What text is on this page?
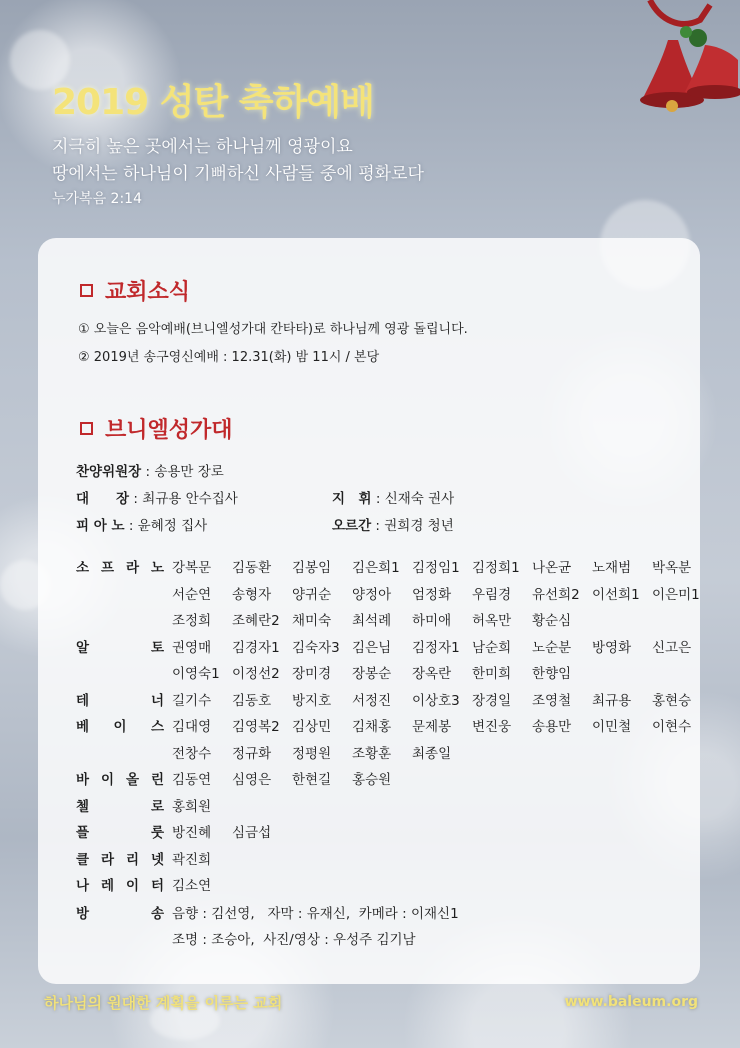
2019 성탄 축하예배
지극히 높은 곳에서는 하나님께 영광이요
땅에서는 하나님이 기뻐하신 사람들 중에 평화로다
누가복음 2:14
교회소식
① 오늘은 음악예배(브니엘성가대 칸타타)로 하나님께 영광 돌립니다.
② 2019년 송구영신예배 : 12.31(화) 밤 11시 / 본당
브니엘성가대
찬양위원장 : 송용만 장로
대　　장 : 최규용 안수집사	지　휘 : 신재숙 권사
피 아 노 : 윤혜정 집사	오르간 : 권희경 청년
소 프 라 노 강복문	김동환	김봉임	김은희1 김정임1 김정희1 나온균	노재범	박옥분
서순연	송형자	양귀순	양정아	엄정화	우림경	유선희2 이선희1 이은미1
조정희	조혜란2 채미숙	최석례	하미애	허옥만	황순심
알	토 권영매	김경자1 김숙자3 김은님	김정자1 남순희	노순분	방영화	신고은
이영숙1 이정선2 장미경	장봉순	장옥란	한미희	한향임
테	너 길기수	김동호	방지호	서정진	이상호3 장경일	조영철	최규용	홍현승
베 이 스 김대영	김영복2 김상민	김채홍	문제봉	변진웅	송용만	이민철	이현수
전창수	정규화	정평원	조황훈	최종일
바 이 올 린 김동연	심영은	한현길	홍승원
첼	로 홍희원
플	룻 방진혜	심금섭
클 라 리 넷 곽진희
나 레 이 터 김소연
방	송 음향 : 김선영,   자막 : 유재신,  카메라 : 이재신1
조명 : 조승아,  사진/영상 : 우성주 김기남
하나님의 원대한 계획을 이루는 교회	www.baleum.org
